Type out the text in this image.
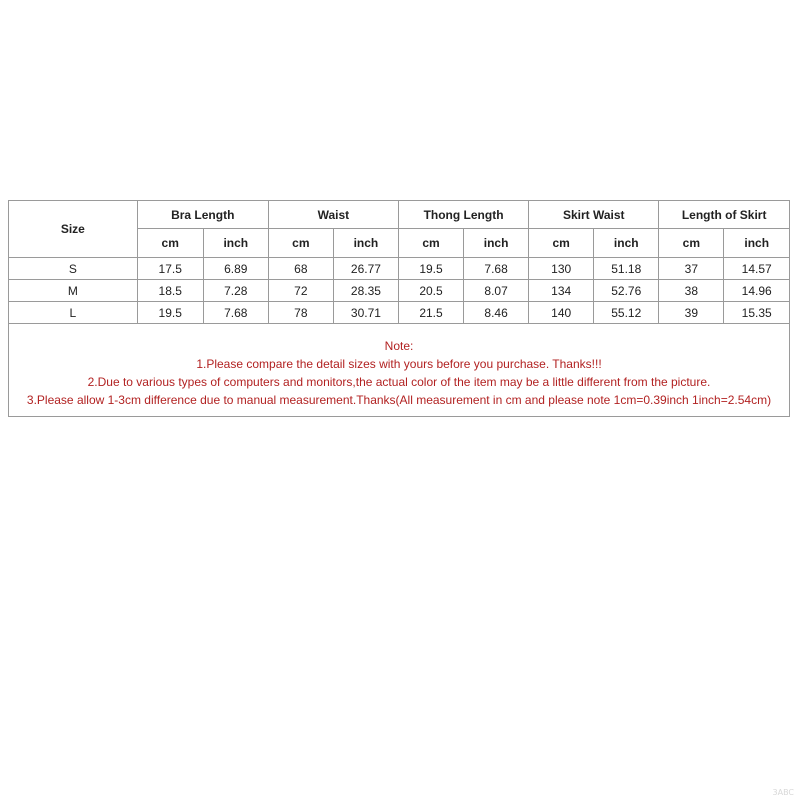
Size	Bra Length		Waist		Thong Length		Skirt Waist		Length of Skirt	
	cm	inch	cm	inch	cm	inch	cm	inch	cm	inch
S	17.5	6.89	68	26.77	19.5	7.68	130	51.18	37	14.57
M	18.5	7.28	72	28.35	20.5	8.07	134	52.76	38	14.96
L	19.5	7.68	78	30.71	21.5	8.46	140	55.12	39	15.35
Note:
1.Please compare the detail sizes with yours before you purchase. Thanks!!!
2.Due to various types of computers and monitors,the actual color of the item may be a little different from the picture.
3.Please allow 1-3cm difference due to manual measurement.Thanks(All measurement in cm and please note 1cm=0.39inch 1inch=2.54cm)
3ABC
